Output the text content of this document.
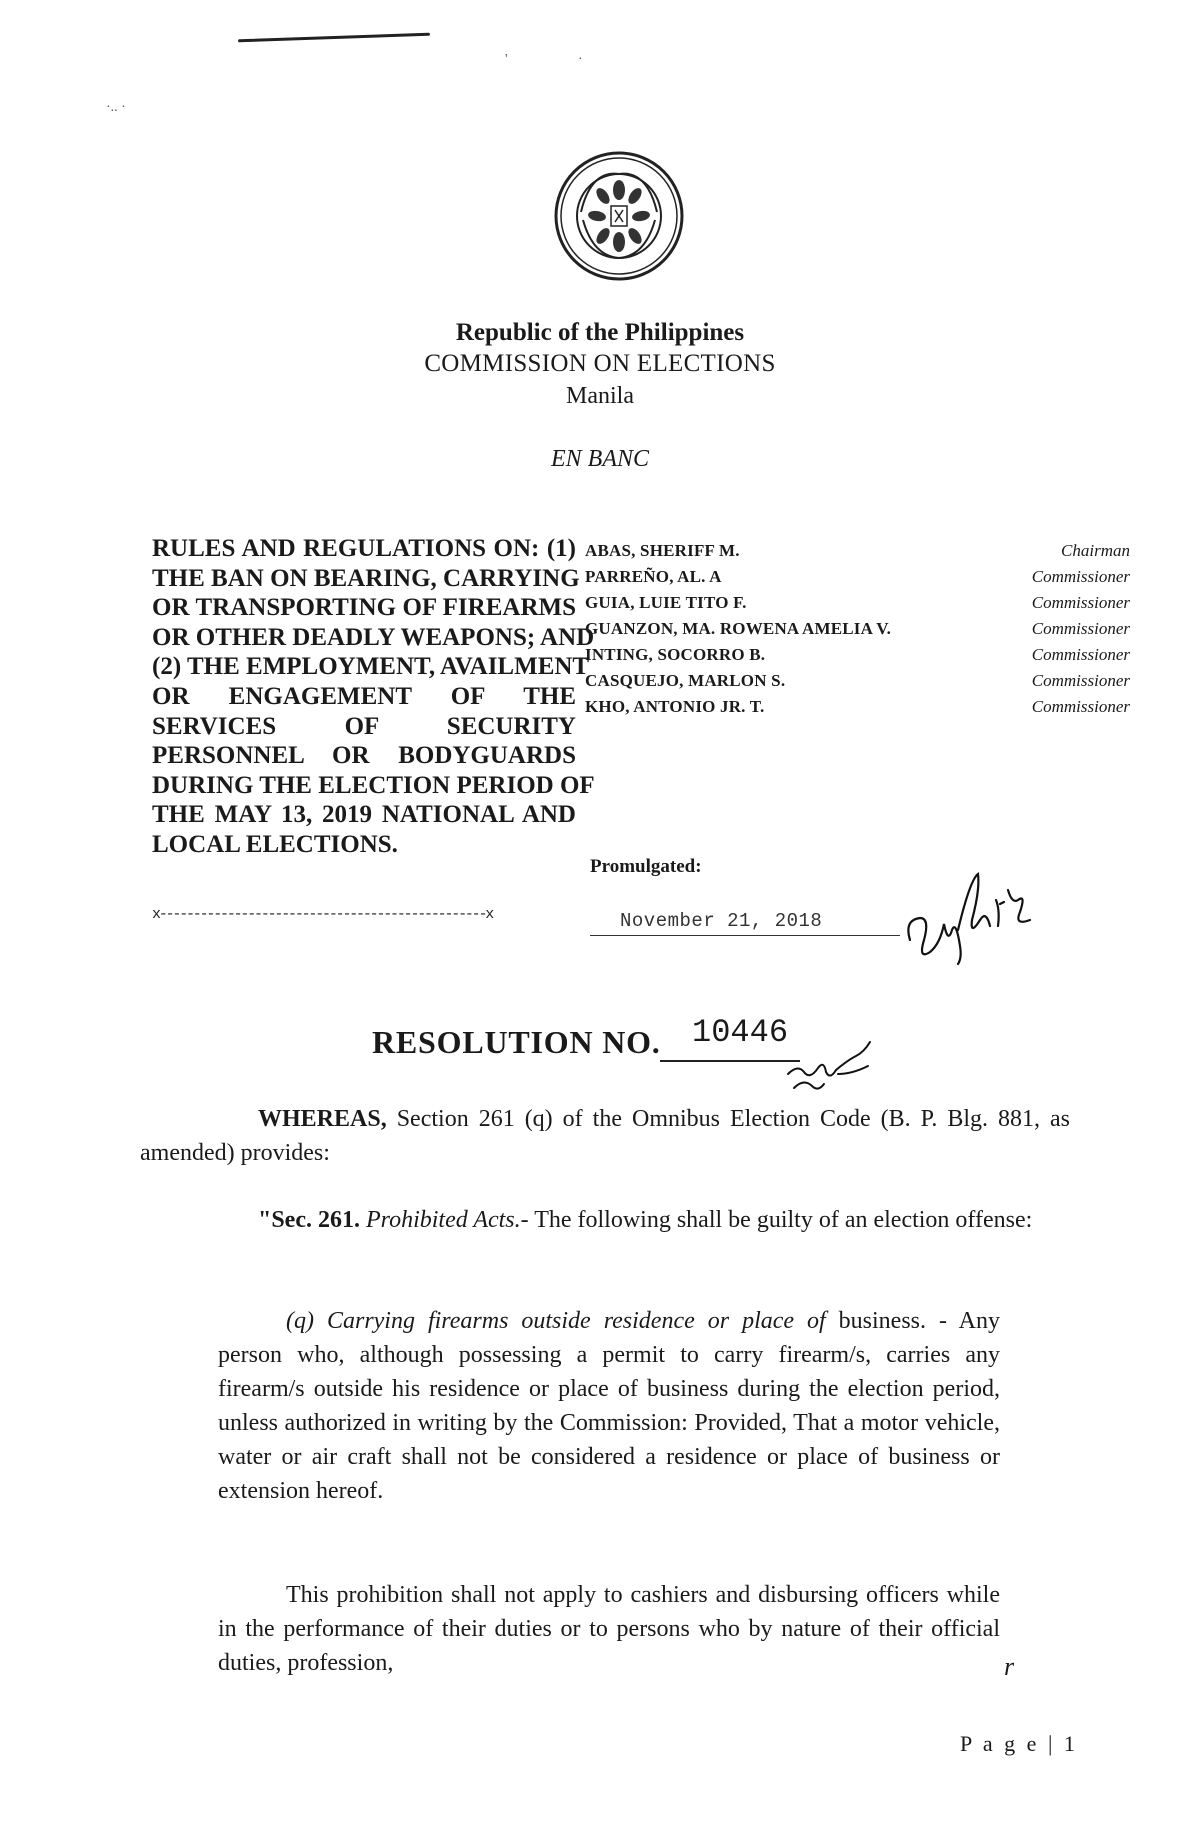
·.. ·
'	·
Republic of the Philippines
COMMISSION ON ELECTIONS
Manila
EN BANC
RULES AND REGULATIONS ON: (1)
THE BAN ON BEARING, CARRYING
OR TRANSPORTING OF FIREARMS
OR OTHER DEADLY WEAPONS; AND
(2) THE EMPLOYMENT, AVAILMENT
OR ENGAGEMENT OF THE
SERVICES OF SECURITY
PERSONNEL OR BODYGUARDS
DURING THE ELECTION PERIOD OF
THE MAY 13, 2019 NATIONAL AND
LOCAL ELECTIONS.
x------------------------------------------------x
ABAS, SHERIFF M.	Chairman
PARREÑO, AL. A	Commissioner
GUIA, LUIE TITO F.	Commissioner
GUANZON, MA. ROWENA AMELIA V.	Commissioner
INTING, SOCORRO B.	Commissioner
CASQUEJO, MARLON S.	Commissioner
KHO, ANTONIO JR. T.	Commissioner
Promulgated:
November 21, 2018
RESOLUTION NO. 10446
WHEREAS, Section 261 (q) of the Omnibus Election Code (B. P. Blg. 881, as amended) provides:
"Sec. 261. Prohibited Acts.- The following shall be guilty of an election offense:
(q) Carrying firearms outside residence or place of business. - Any person who, although possessing a permit to carry firearm/s, carries any firearm/s outside his residence or place of business during the election period, unless authorized in writing by the Commission: Provided, That a motor vehicle, water or air craft shall not be considered a residence or place of business or extension hereof.
This prohibition shall not apply to cashiers and disbursing officers while in the performance of their duties or to persons who by nature of their official duties, profession,	r
P a g e | 1
